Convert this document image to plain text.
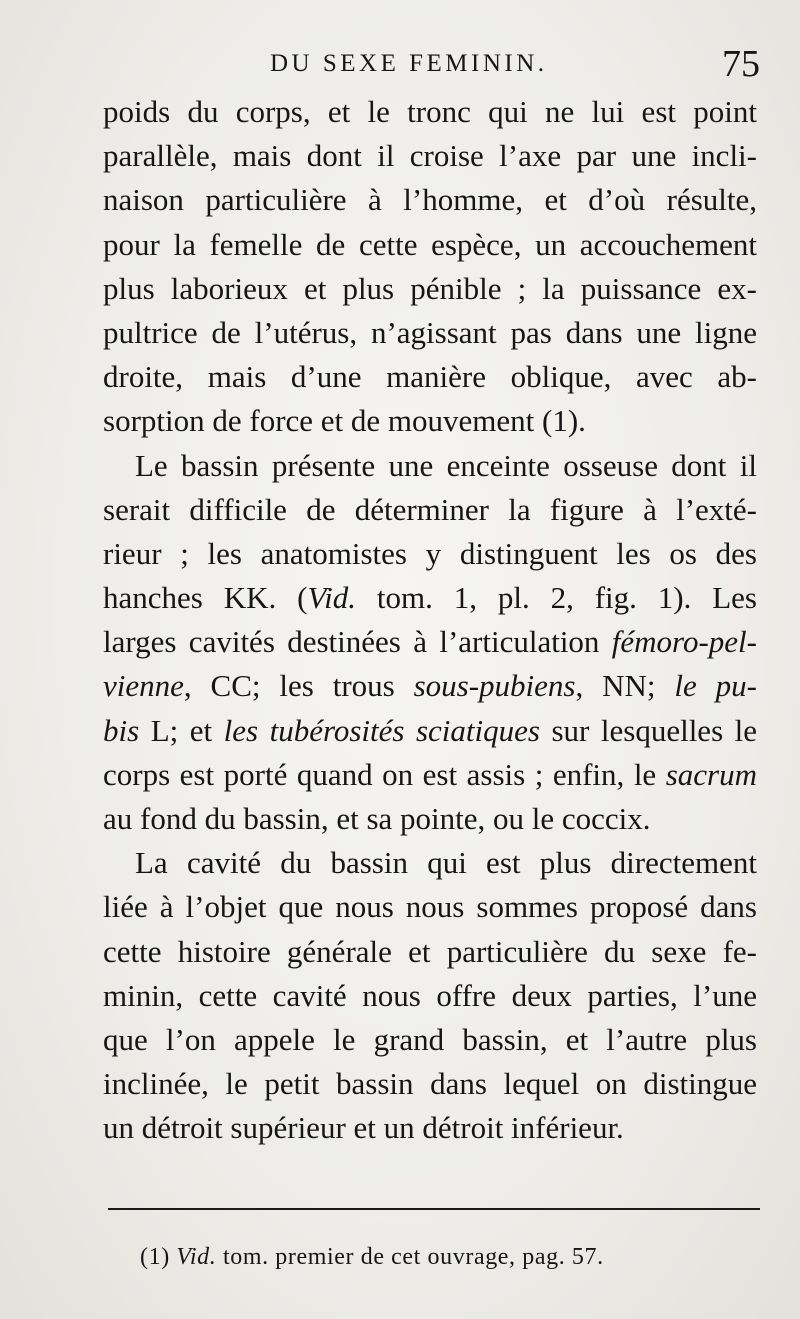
DU SEXE FEMININ.	75
poids du corps, et le tronc qui ne lui est point
parallèle, mais dont il croise l’axe par une incli-
naison particulière à l’homme, et d’où résulte,
pour la femelle de cette espèce, un accouchement
plus laborieux et plus pénible ; la puissance ex-
pultrice de l’utérus, n’agissant pas dans une ligne
droite, mais d’une manière oblique, avec ab-
sorption de force et de mouvement (1).
Le bassin présente une enceinte osseuse dont il
serait difficile de déterminer la figure à l’exté-
rieur ; les anatomistes y distinguent les os des
hanches KK. (Vid. tom. 1, pl. 2, fig. 1). Les
larges cavités destinées à l’articulation fémoro-pel-
vienne, CC; les trous sous-pubiens, NN; le pu-
bis L; et les tubérosités sciatiques sur lesquelles le
corps est porté quand on est assis ; enfin, le sacrum
au fond du bassin, et sa pointe, ou le coccix.
La cavité du bassin qui est plus directement
liée à l’objet que nous nous sommes proposé dans
cette histoire générale et particulière du sexe fe-
minin, cette cavité nous offre deux parties, l’une
que l’on appele le grand bassin, et l’autre plus
inclinée, le petit bassin dans lequel on distingue
un détroit supérieur et un détroit inférieur.
(1) Vid. tom. premier de cet ouvrage, pag. 57.
